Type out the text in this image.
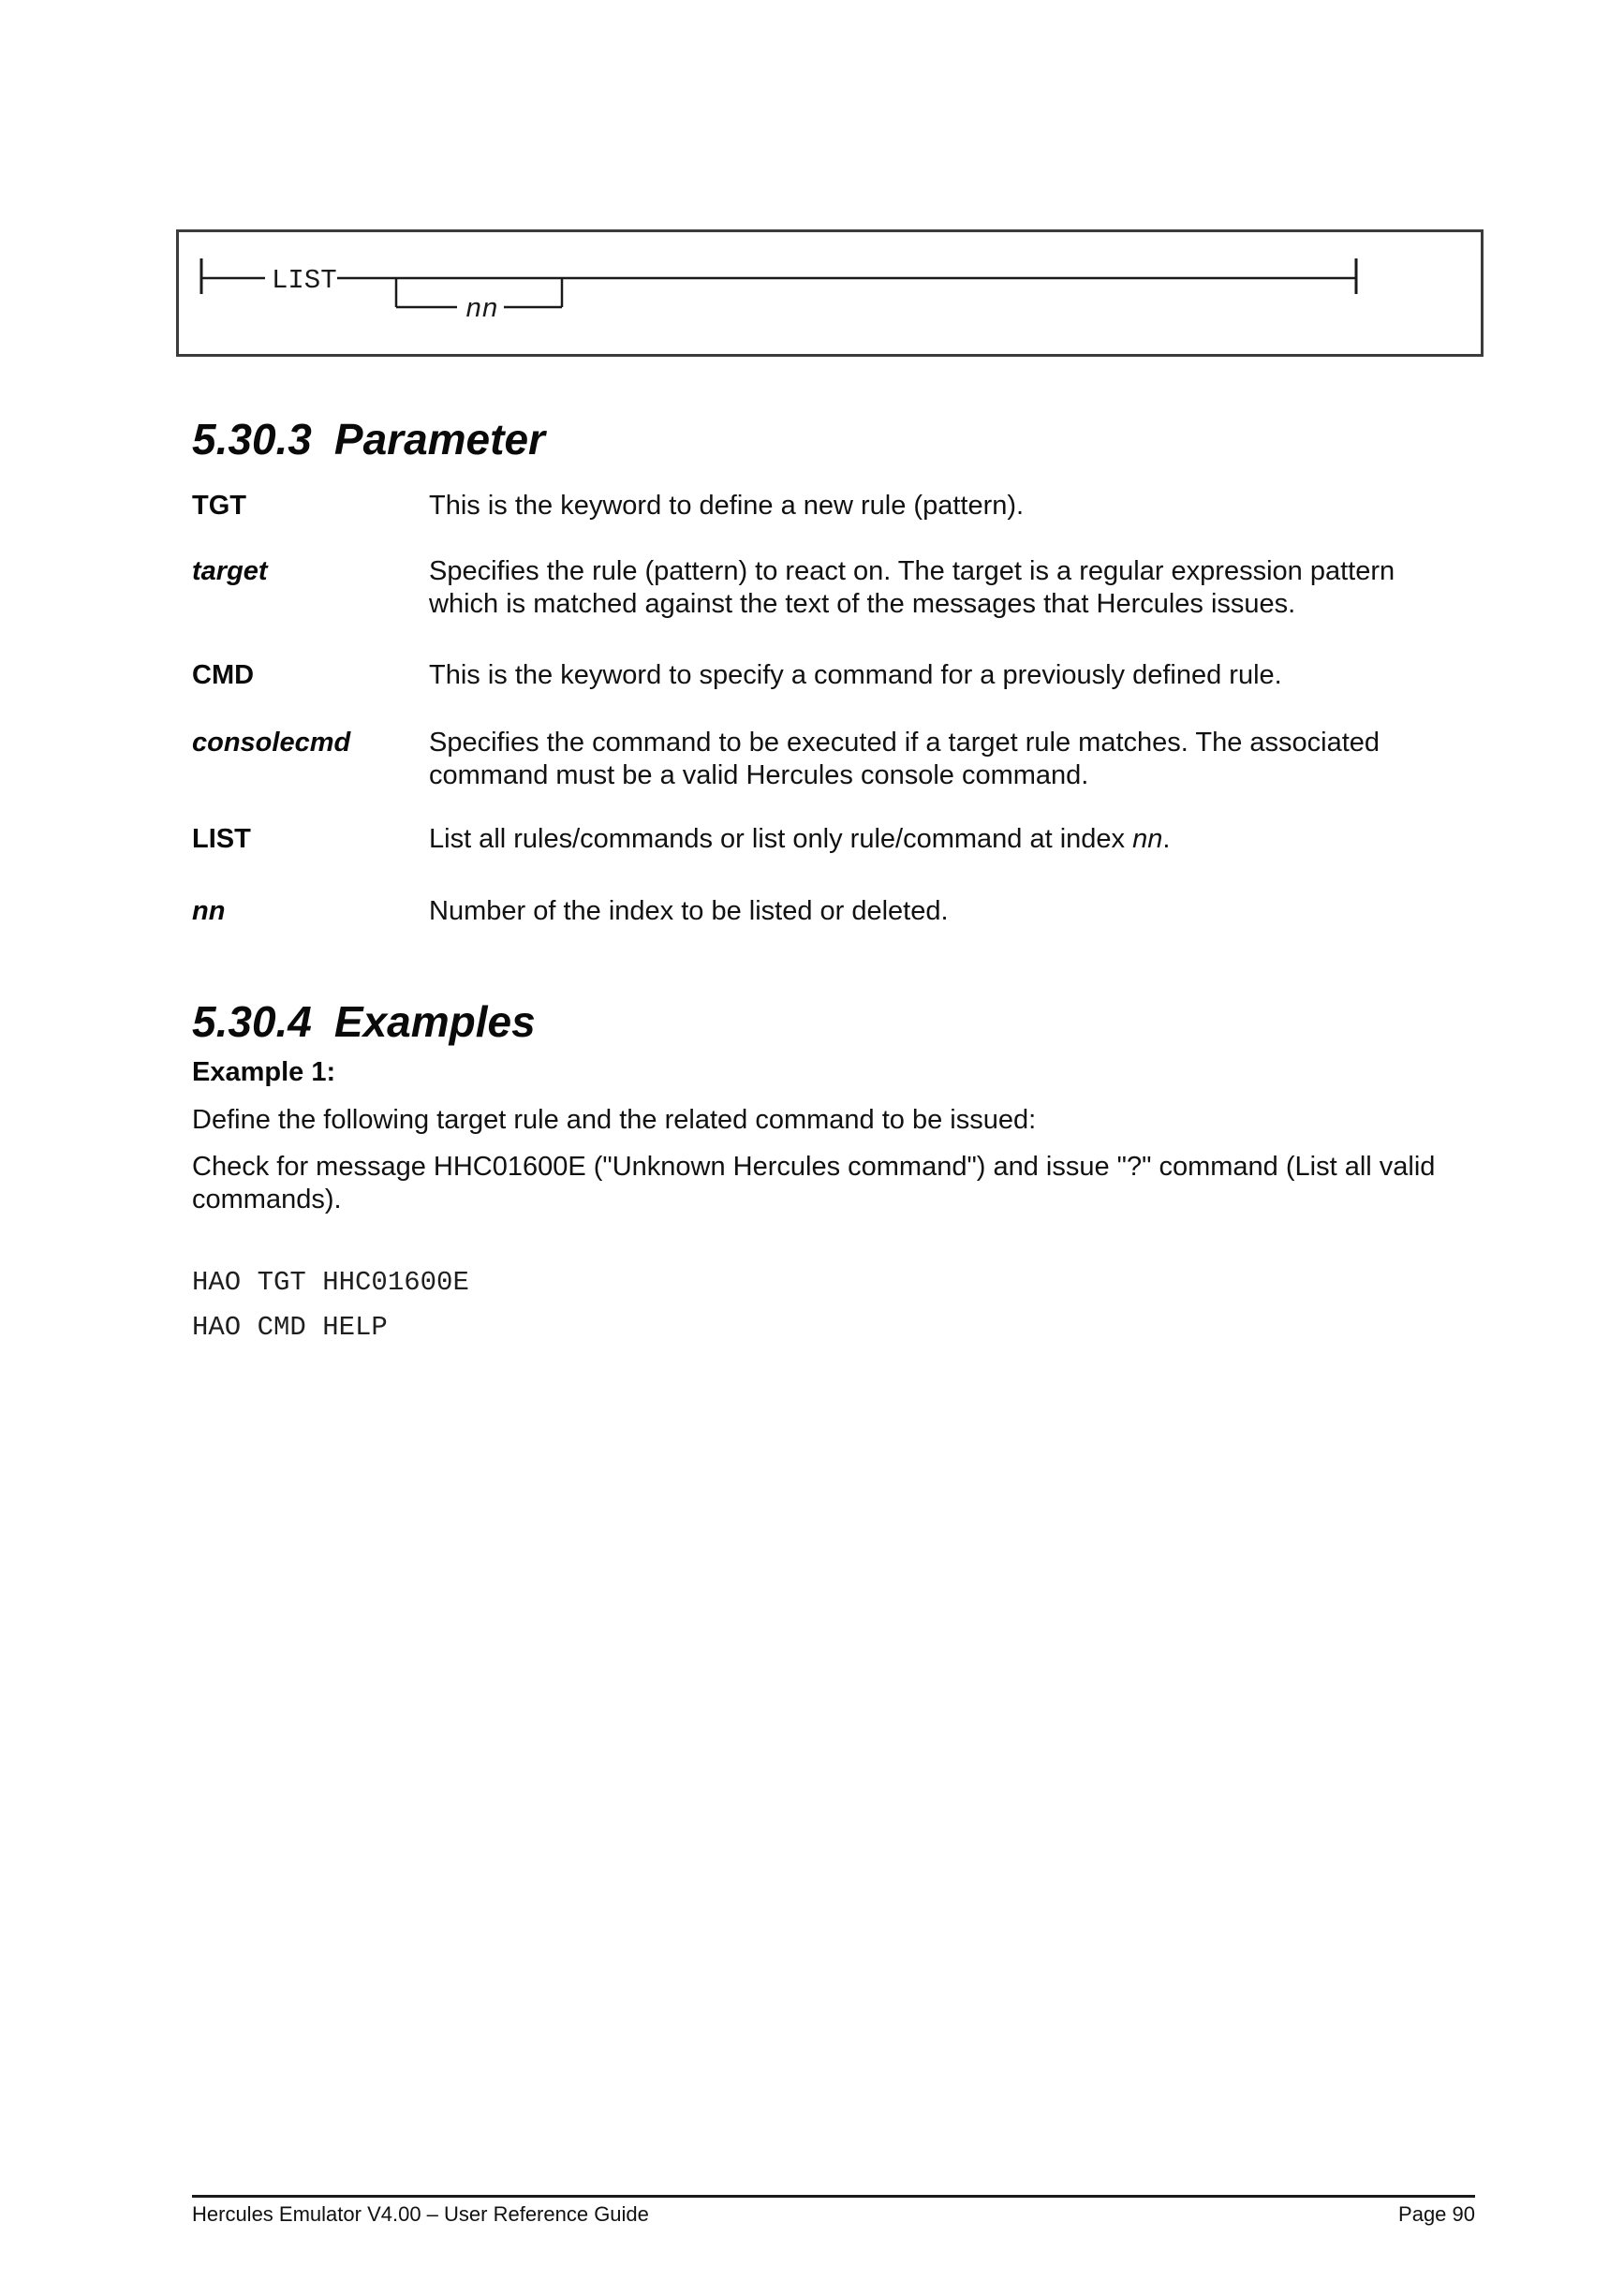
LIST
nn
5.30.3 Parameter
TGT	This is the keyword to define a new rule (pattern).
target	Specifies the rule (pattern) to react on. The target is a regular expression pattern which is matched against the text of the messages that Hercules issues.
CMD	This is the keyword to specify a command for a previously defined rule.
consolecmd	Specifies the command to be executed if a target rule matches. The associated command must be a valid Hercules console command.
LIST	List all rules/commands or list only rule/command at index nn.
nn	Number of the index to be listed or deleted.
5.30.4 Examples
Example 1:
Define the following target rule and the related command to be issued:
Check for message HHC01600E ("Unknown Hercules command") and issue "?" command (List all valid commands).
HAO TGT HHC01600E
HAO CMD HELP
Hercules Emulator V4.00 – User Reference Guide	Page 90
